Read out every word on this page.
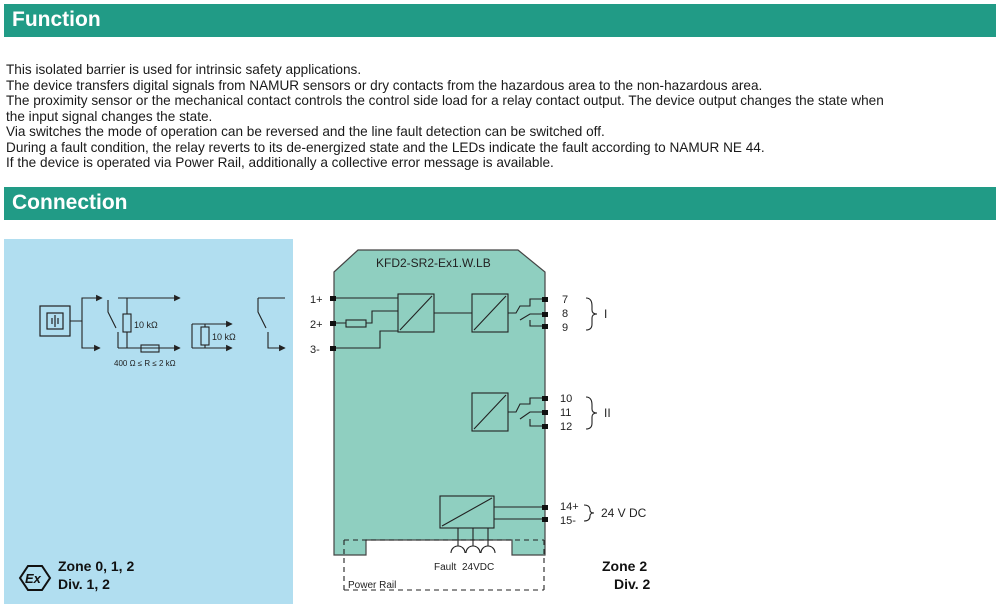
Function
This isolated barrier is used for intrinsic safety applications.
The device transfers digital signals from NAMUR sensors or dry contacts from the hazardous area to the non-hazardous area.
The proximity sensor or the mechanical contact controls the control side load for a relay contact output. The device output changes the state when
the input signal changes the state.
Via switches the mode of operation can be reversed and the line fault detection can be switched off.
During a fault condition, the relay reverts to its de-energized state and the LEDs indicate the fault according to NAMUR NE 44.
If the device is operated via Power Rail, additionally a collective error message is available.
Connection
10 kΩ
10 kΩ
400 Ω ≤ R ≤ 2 kΩ
Ex
Zone 0, 1, 2
Div. 1, 2
KFD2-SR2-Ex1.W.LB
1+
2+
3-
7
8
9
I
10
11
12
II
14+
15-
24 V DC
Fault 24VDC
Power Rail
Zone 2
Div. 2
